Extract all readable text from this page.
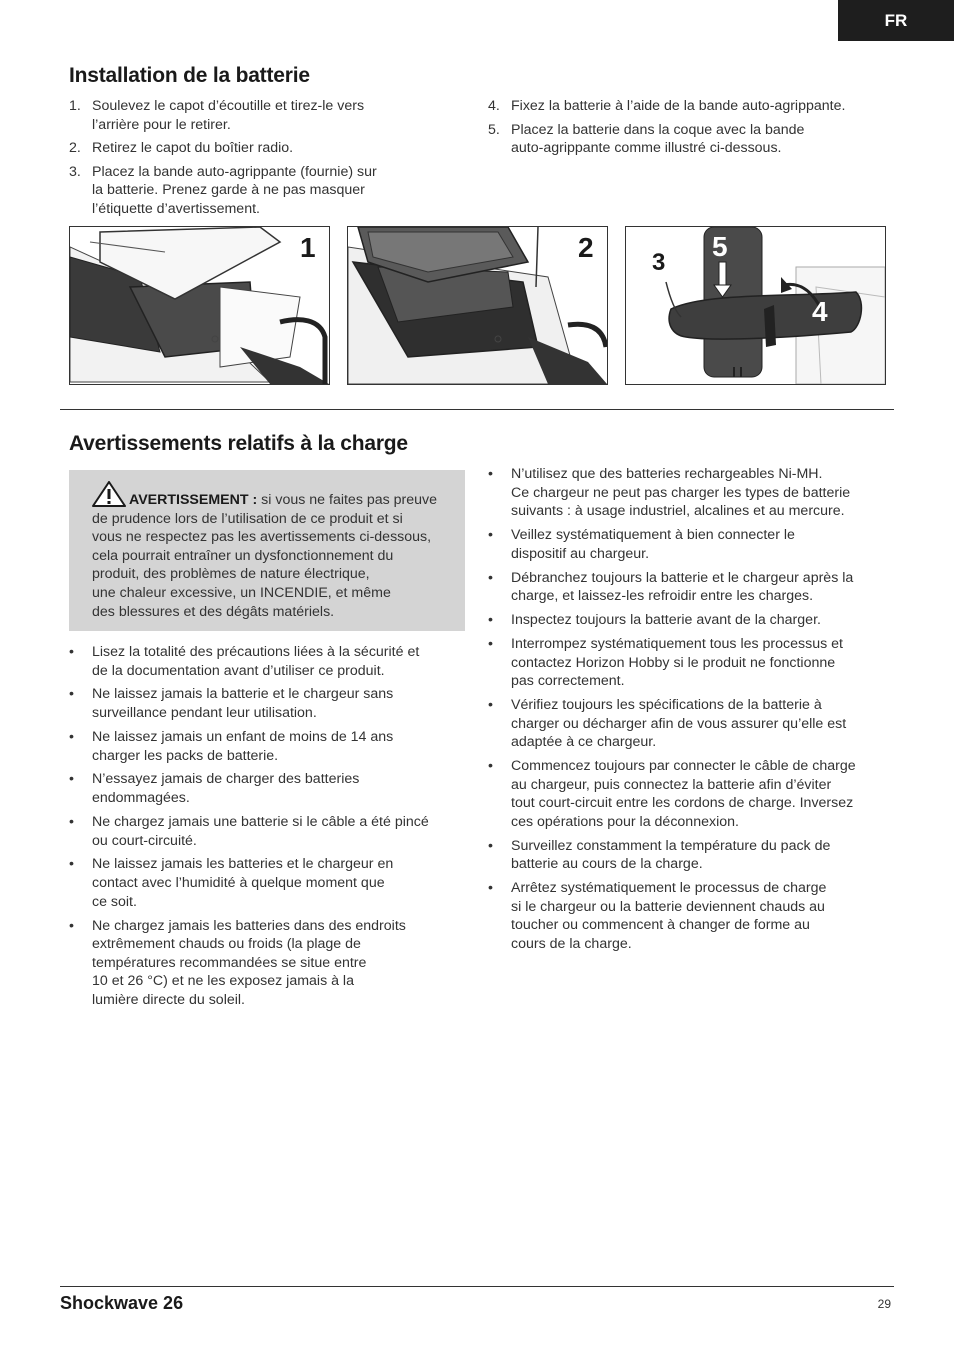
FR
Installation de la batterie
1. Soulevez le capot d’écoutille et tirez-le vers
l’arrière pour le retirer.
2. Retirez le capot du boîtier radio.
3. Placez la bande auto-agrippante (fournie) sur
la batterie. Prenez garde à ne pas masquer
l’étiquette d’avertissement.
4. Fixez la batterie à l’aide de la bande auto-agrippante.
5. Placez la batterie dans la coque avec la bande
auto-agrippante comme illustré ci-dessous.
1	2 3
5
4
Avertissements relatifs à la charge
AVERTISSEMENT : si vous ne faites pas preuve
de prudence lors de l’utilisation de ce produit et si
vous ne respectez pas les avertissements ci-dessous,
cela pourrait entraîner un dysfonctionnement du
produit, des problèmes de nature électrique,
une chaleur excessive, un INCENDIE, et même
des blessures et des dégâts matériels.
• Lisez la totalité des précautions liées à la sécurité et
de la documentation avant d’utiliser ce produit.
• Ne laissez jamais la batterie et le chargeur sans
surveillance pendant leur utilisation.
• Ne laissez jamais un enfant de moins de 14 ans
charger les packs de batterie.
• N’essayez jamais de charger des batteries
endommagées.
• Ne chargez jamais une batterie si le câble a été pincé
ou court-circuité.
• Ne laissez jamais les batteries et le chargeur en
contact avec l’humidité à quelque moment que
ce soit.
• Ne chargez jamais les batteries dans des endroits
extrêmement chauds ou froids (la plage de
températures recommandées se situe entre
10 et 26 °C) et ne les exposez jamais à la
lumière directe du soleil.
• N’utilisez que des batteries rechargeables Ni-MH.
Ce chargeur ne peut pas charger les types de batterie
suivants : à usage industriel, alcalines et au mercure.
• Veillez systématiquement à bien connecter le
dispositif au chargeur.
• Débranchez toujours la batterie et le chargeur après la
charge, et laissez-les refroidir entre les charges.
• Inspectez toujours la batterie avant de la charger.
• Interrompez systématiquement tous les processus et
contactez Horizon Hobby si le produit ne fonctionne
pas correctement.
• Vérifiez toujours les spécifications de la batterie à
charger ou décharger afin de vous assurer qu’elle est
adaptée à ce chargeur.
• Commencez toujours par connecter le câble de charge
au chargeur, puis connectez la batterie afin d’éviter
tout court-circuit entre les cordons de charge. Inversez
ces opérations pour la déconnexion.
• Surveillez constamment la température du pack de
batterie au cours de la charge.
• Arrêtez systématiquement le processus de charge
si le chargeur ou la batterie deviennent chauds au
toucher ou commencent à changer de forme au
cours de la charge.
Shockwave 26	29
